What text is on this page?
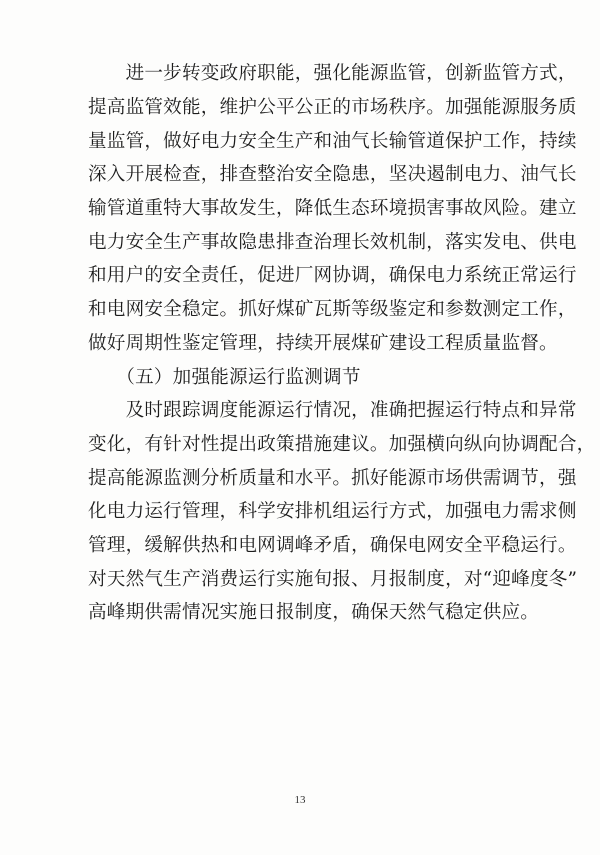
　　进一步转变政府职能，强化能源监管，创新监管方式，
提高监管效能，维护公平公正的市场秩序。加强能源服务质
量监管，做好电力安全生产和油气长输管道保护工作，持续
深入开展检查，排查整治安全隐患，坚决遏制电力、油气长
输管道重特大事故发生，降低生态环境损害事故风险。建立
电力安全生产事故隐患排查治理长效机制，落实发电、供电
和用户的安全责任，促进厂网协调，确保电力系统正常运行
和电网安全稳定。抓好煤矿瓦斯等级鉴定和参数测定工作，
做好周期性鉴定管理，持续开展煤矿建设工程质量监督。
　　（五）加强能源运行监测调节
　　及时跟踪调度能源运行情况，准确把握运行特点和异常
变化，有针对性提出政策措施建议。加强横向纵向协调配合，
提高能源监测分析质量和水平。抓好能源市场供需调节，强
化电力运行管理，科学安排机组运行方式，加强电力需求侧
管理，缓解供热和电网调峰矛盾，确保电网安全平稳运行。
对天然气生产消费运行实施旬报、月报制度，对“迎峰度冬”
高峰期供需情况实施日报制度，确保天然气稳定供应。
13
